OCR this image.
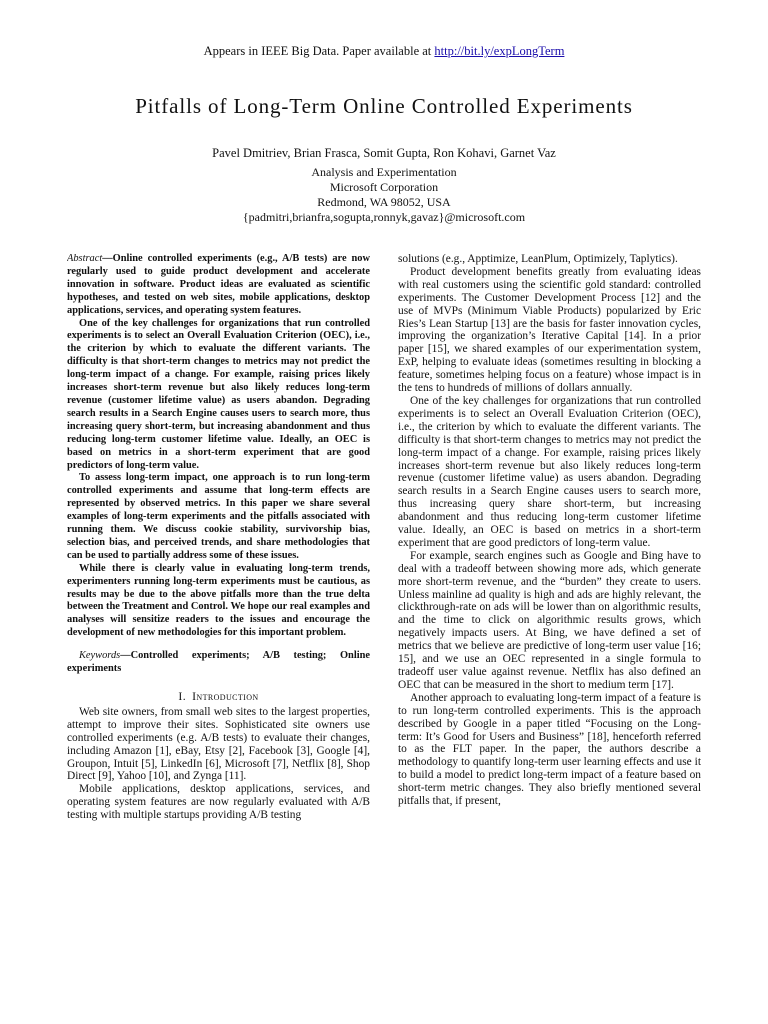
Appears in IEEE Big Data. Paper available at http://bit.ly/expLongTerm
Pitfalls of Long-Term Online Controlled Experiments
Pavel Dmitriev, Brian Frasca, Somit Gupta, Ron Kohavi, Garnet Vaz
Analysis and Experimentation
Microsoft Corporation
Redmond, WA 98052, USA
{padmitri,brianfra,sogupta,ronnyk,gavaz}@microsoft.com

Abstract—Online controlled experiments (e.g., A/B tests) are now regularly used to guide product development and accelerate innovation in software. Product ideas are evaluated as scientific hypotheses, and tested on web sites, mobile applications, desktop applications, services, and operating system features.

One of the key challenges for organizations that run controlled experiments is to select an Overall Evaluation Criterion (OEC), i.e., the criterion by which to evaluate the different variants. The difficulty is that short-term changes to metrics may not predict the long-term impact of a change. For example, raising prices likely increases short-term revenue but also likely reduces long-term revenue (customer lifetime value) as users abandon. Degrading search results in a Search Engine causes users to search more, thus increasing query short-term, but increasing abandonment and thus reducing long-term customer lifetime value. Ideally, an OEC is based on metrics in a short-term experiment that are good predictors of long-term value.

To assess long-term impact, one approach is to run long-term controlled experiments and assume that long-term effects are represented by observed metrics. In this paper we share several examples of long-term experiments and the pitfalls associated with running them. We discuss cookie stability, survivorship bias, selection bias, and perceived trends, and share methodologies that can be used to partially address some of these issues.

While there is clearly value in evaluating long-term trends, experimenters running long-term experiments must be cautious, as results may be due to the above pitfalls more than the true delta between the Treatment and Control. We hope our real examples and analyses will sensitize readers to the issues and encourage the development of new methodologies for this important problem.

Keywords—Controlled experiments; A/B testing; Online experiments

I. Introduction

Web site owners, from small web sites to the largest properties, attempt to improve their sites. Sophisticated site owners use controlled experiments (e.g. A/B tests) to evaluate their changes, including Amazon [1], eBay, Etsy [2], Facebook [3], Google [4], Groupon, Intuit [5], LinkedIn [6], Microsoft [7], Netflix [8], Shop Direct [9], Yahoo [10], and Zynga [11].

Mobile applications, desktop applications, services, and operating system features are now regularly evaluated with A/B testing with multiple startups providing A/B testing

solutions (e.g., Apptimize, LeanPlum, Optimizely, Taplytics).

Product development benefits greatly from evaluating ideas with real customers using the scientific gold standard: controlled experiments. The Customer Development Process [12] and the use of MVPs (Minimum Viable Products) popularized by Eric Ries’s Lean Startup [13] are the basis for faster innovation cycles, improving the organization’s Iterative Capital [14]. In a prior paper [15], we shared examples of our experimentation system, ExP, helping to evaluate ideas (sometimes resulting in blocking a feature, sometimes helping focus on a feature) whose impact is in the tens to hundreds of millions of dollars annually.

One of the key challenges for organizations that run controlled experiments is to select an Overall Evaluation Criterion (OEC), i.e., the criterion by which to evaluate the different variants. The difficulty is that short-term changes to metrics may not predict the long-term impact of a change. For example, raising prices likely increases short-term revenue but also likely reduces long-term revenue (customer lifetime value) as users abandon. Degrading search results in a Search Engine causes users to search more, thus increasing query share short-term, but increasing abandonment and thus reducing long-term customer lifetime value. Ideally, an OEC is based on metrics in a short-term experiment that are good predictors of long-term value.

For example, search engines such as Google and Bing have to deal with a tradeoff between showing more ads, which generate more short-term revenue, and the “burden” they create to users. Unless mainline ad quality is high and ads are highly relevant, the clickthrough-rate on ads will be lower than on algorithmic results, and the time to click on algorithmic results grows, which negatively impacts users. At Bing, we have defined a set of metrics that we believe are predictive of long-term user value [16; 15], and we use an OEC represented in a single formula to tradeoff user value against revenue. Netflix has also defined an OEC that can be measured in the short to medium term [17].

Another approach to evaluating long-term impact of a feature is to run long-term controlled experiments. This is the approach described by Google in a paper titled “Focusing on the Long-term: It’s Good for Users and Business” [18], henceforth referred to as the FLT paper. In the paper, the authors describe a methodology to quantify long-term user learning effects and use it to build a model to predict long-term impact of a feature based on short-term metric changes. They also briefly mentioned several pitfalls that, if present,
